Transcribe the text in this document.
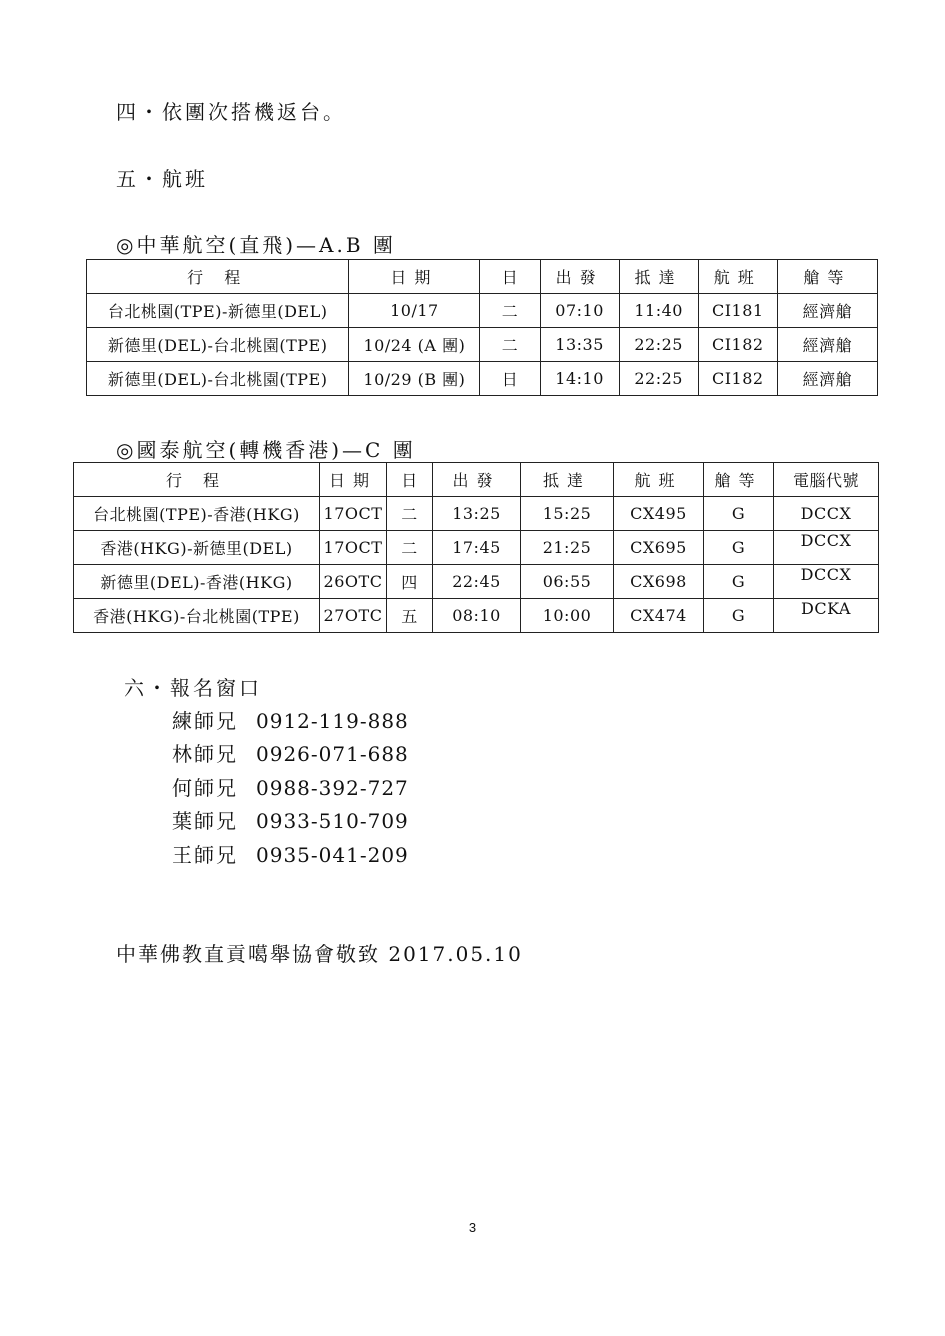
四・依團次搭機返台。
五・航班
◎中華航空(直飛)—A.B 團
行 程	日期	日	出發	抵達	航班	艙等
台北桃園(TPE)-新德里(DEL)	10/17	二	07:10	11:40	CI181	經濟艙
新德里(DEL)-台北桃園(TPE)	10/24 (A 團)	二	13:35	22:25	CI182	經濟艙
新德里(DEL)-台北桃園(TPE)	10/29 (B 團)	日	14:10	22:25	CI182	經濟艙
◎國泰航空(轉機香港)—C 團
行 程	日期	日	出發	抵達	航班	艙等	電腦代號
台北桃園(TPE)-香港(HKG)	17OCT	二	13:25	15:25	CX495	G	DCCX
香港(HKG)-新德里(DEL)	17OCT	二	17:45	21:25	CX695	G	DCCX
新德里(DEL)-香港(HKG)	26OTC	四	22:45	06:55	CX698	G	DCCX
香港(HKG)-台北桃園(TPE)	27OTC	五	08:10	10:00	CX474	G	DCKA
六・報名窗口
練師兄 0912-119-888
林師兄 0926-071-688
何師兄 0988-392-727
葉師兄 0933-510-709
王師兄 0935-041-209
中華佛教直貢噶舉協會敬致 2017.05.10
3
